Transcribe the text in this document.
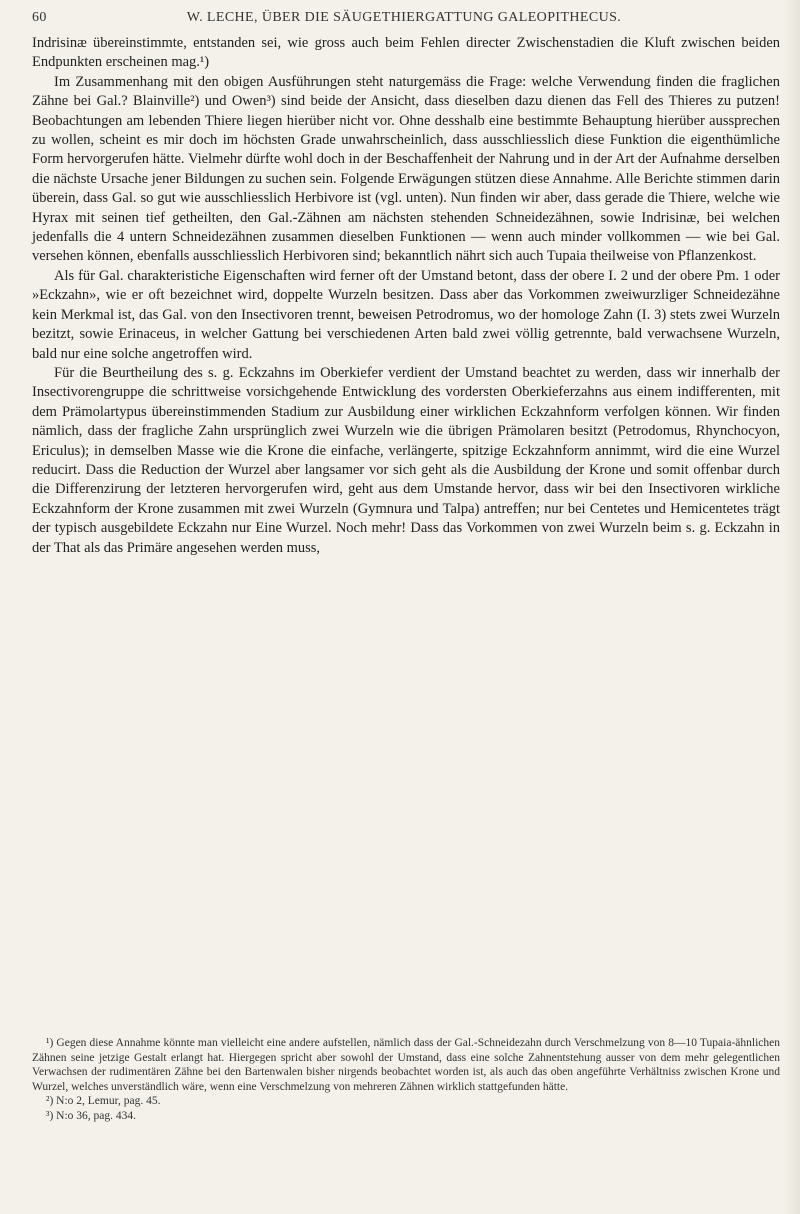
60	W. LECHE, ÜBER DIE SÄUGETHIERGATTUNG GALEOPITHECUS.

Indrisinæ übereinstimmte, entstanden sei, wie gross auch beim Fehlen directer Zwischenstadien die Kluft zwischen beiden Endpunkten erscheinen mag.¹)

Im Zusammenhang mit den obigen Ausführungen steht naturgemäss die Frage: welche Verwendung finden die fraglichen Zähne bei Gal.? Blainville²) und Owen³) sind beide der Ansicht, dass dieselben dazu dienen das Fell des Thieres zu putzen! Beobachtungen am lebenden Thiere liegen hierüber nicht vor. Ohne desshalb eine bestimmte Behauptung hierüber aussprechen zu wollen, scheint es mir doch im höchsten Grade unwahrscheinlich, dass ausschliesslich diese Funktion die eigenthümliche Form hervorgerufen hätte. Vielmehr dürfte wohl doch in der Beschaffenheit der Nahrung und in der Art der Aufnahme derselben die nächste Ursache jener Bildungen zu suchen sein. Folgende Erwägungen stützen diese Annahme. Alle Berichte stimmen darin überein, dass Gal. so gut wie ausschliesslich Herbivore ist (vgl. unten). Nun finden wir aber, dass gerade die Thiere, welche wie Hyrax mit seinen tief getheilten, den Gal.-Zähnen am nächsten stehenden Schneidezähnen, sowie Indrisinæ, bei welchen jedenfalls die 4 untern Schneidezähnen zusammen dieselben Funktionen — wenn auch minder vollkommen — wie bei Gal. versehen können, ebenfalls ausschliesslich Herbivoren sind; bekanntlich nährt sich auch Tupaia theilweise von Pflanzenkost.

Als für Gal. charakteristiche Eigenschaften wird ferner oft der Umstand betont, dass der obere I. 2 und der obere Pm. 1 oder »Eckzahn», wie er oft bezeichnet wird, doppelte Wurzeln besitzen. Dass aber das Vorkommen zweiwurzliger Schneidezähne kein Merkmal ist, das Gal. von den Insectivoren trennt, beweisen Petrodromus, wo der homologe Zahn (I. 3) stets zwei Wurzeln bezitzt, sowie Erinaceus, in welcher Gattung bei verschiedenen Arten bald zwei völlig getrennte, bald verwachsene Wurzeln, bald nur eine solche angetroffen wird.

Für die Beurtheilung des s. g. Eckzahns im Oberkiefer verdient der Umstand beachtet zu werden, dass wir innerhalb der Insectivorengruppe die schrittweise vorsichgehende Entwicklung des vordersten Oberkieferzahns aus einem indifferenten, mit dem Prämolartypus übereinstimmenden Stadium zur Ausbildung einer wirklichen Eckzahnform verfolgen können. Wir finden nämlich, dass der fragliche Zahn ursprünglich zwei Wurzeln wie die übrigen Prämolaren besitzt (Petrodomus, Rhynchocyon, Ericulus); in demselben Masse wie die Krone die einfache, verlängerte, spitzige Eckzahnform annimmt, wird die eine Wurzel reducirt. Dass die Reduction der Wurzel aber langsamer vor sich geht als die Ausbildung der Krone und somit offenbar durch die Differenzirung der letzteren hervorgerufen wird, geht aus dem Umstande hervor, dass wir bei den Insectivoren wirkliche Eckzahnform der Krone zusammen mit zwei Wurzeln (Gymnura und Talpa) antreffen; nur bei Centetes und Hemicentetes trägt der typisch ausgebildete Eckzahn nur Eine Wurzel. Noch mehr! Dass das Vorkommen von zwei Wurzeln beim s. g. Eckzahn in der That als das Primäre angesehen werden muss,

¹) Gegen diese Annahme könnte man vielleicht eine andere aufstellen, nämlich dass der Gal.-Schneidezahn durch Verschmelzung von 8—10 Tupaia-ähnlichen Zähnen seine jetzige Gestalt erlangt hat. Hiergegen spricht aber sowohl der Umstand, dass eine solche Zahnentstehung ausser von dem mehr gelegentlichen Verwachsen der rudimentären Zähne bei den Bartenwalen bisher nirgends beobachtet worden ist, als auch das oben angeführte Verhältniss zwischen Krone und Wurzel, welches unverständlich wäre, wenn eine Verschmelzung von mehreren Zähnen wirklich stattgefunden hätte.

²) N:o 2, Lemur, pag. 45.

³) N:o 36, pag. 434.
